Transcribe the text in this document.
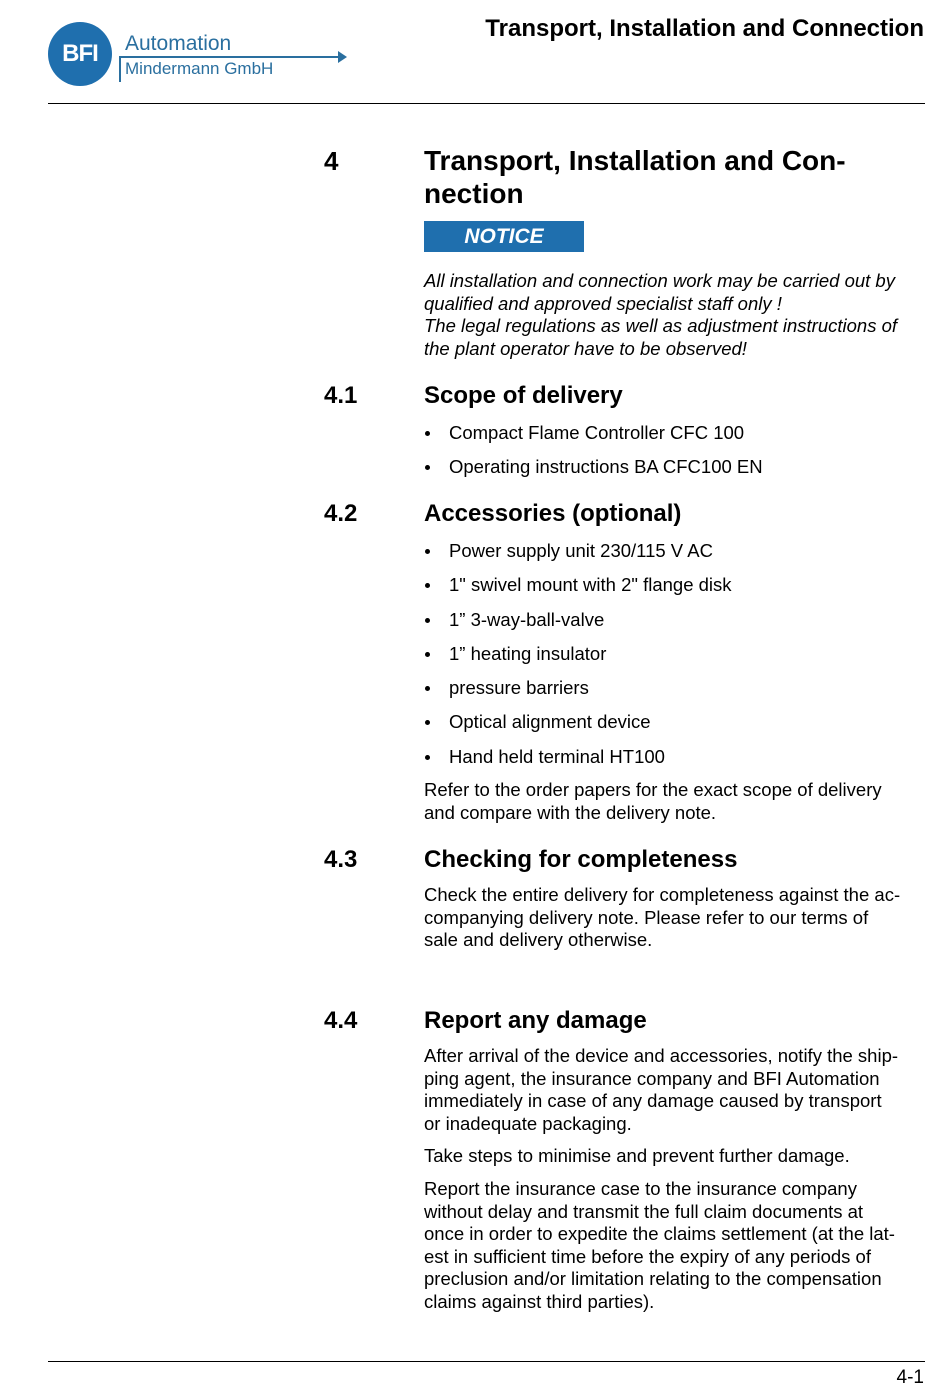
BFI	Automation
Mindermann GmbH
Transport, Installation and Connection
4	Transport, Installation and Con-
nection
NOTICE
All installation and connection work may be carried out by
qualified and approved specialist staff only !
The legal regulations as well as adjustment instructions of
the plant operator have to be observed!
4.1	Scope of delivery
Compact Flame Controller CFC 100
Operating instructions BA CFC100 EN
4.2	Accessories (optional)
Power supply unit 230/115 V AC
1" swivel mount with 2" flange disk
1” 3-way-ball-valve
1” heating insulator
pressure barriers
Optical alignment device
Hand held terminal HT100
Refer to the order papers for the exact scope of delivery
and compare with the delivery note.
4.3	Checking for completeness
Check the entire delivery for completeness against the ac-
companying delivery note. Please refer to our terms of
sale and delivery otherwise.
4.4	Report any damage
After arrival of the device and accessories, notify the ship-
ping agent, the insurance company and BFI Automation
immediately in case of any damage caused by transport
or inadequate packaging.
Take steps to minimise and prevent further damage.
Report the insurance case to the insurance company
without delay and transmit the full claim documents at
once in order to expedite the claims settlement (at the lat-
est in sufficient time before the expiry of any periods of
preclusion and/or limitation relating to the compensation
claims against third parties).
4-1
